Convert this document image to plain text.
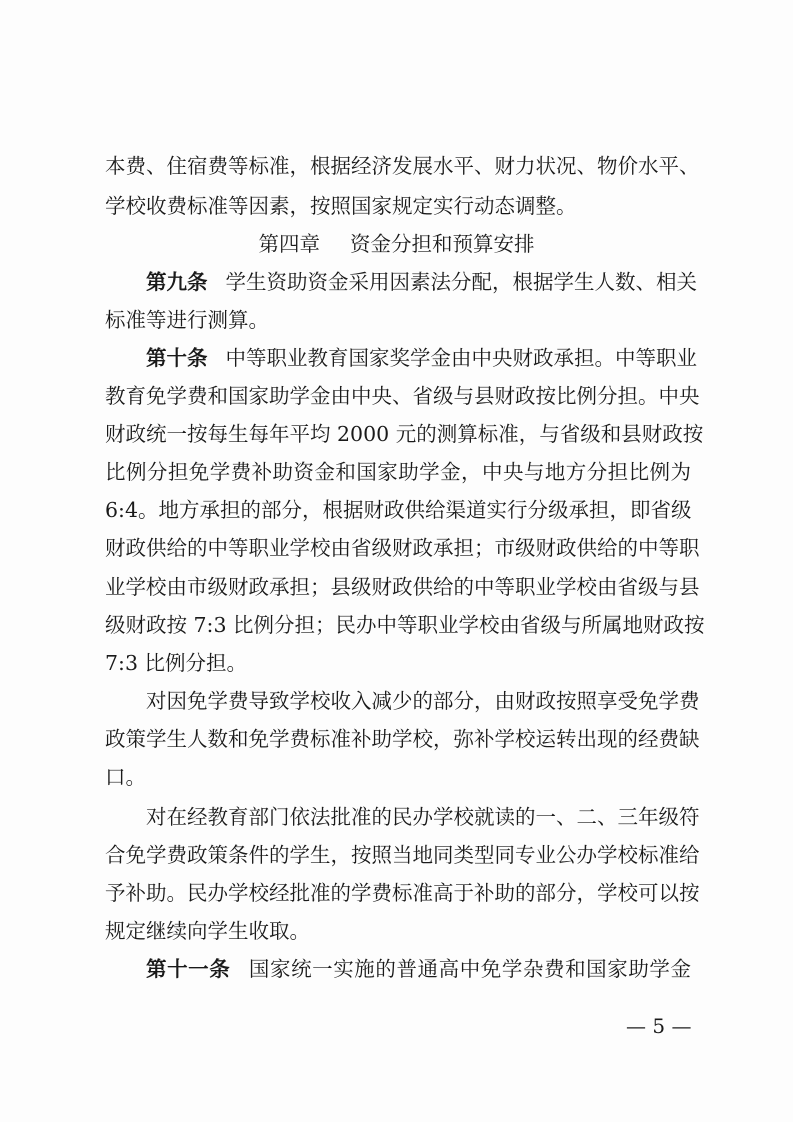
本费、住宿费等标准，根据经济发展水平、财力状况、物价水平、
学校收费标准等因素，按照国家规定实行动态调整。
第四章 资金分担和预算安排
第九条 学生资助资金采用因素法分配，根据学生人数、相关
标准等进行测算。
第十条 中等职业教育国家奖学金由中央财政承担。中等职业
教育免学费和国家助学金由中央、省级与县财政按比例分担。中央
财政统一按每生每年平均 2000 元的测算标准，与省级和县财政按
比例分担免学费补助资金和国家助学金，中央与地方分担比例为
6:4。地方承担的部分，根据财政供给渠道实行分级承担，即省级
财政供给的中等职业学校由省级财政承担；市级财政供给的中等职
业学校由市级财政承担；县级财政供给的中等职业学校由省级与县
级财政按 7:3 比例分担；民办中等职业学校由省级与所属地财政按
7:3 比例分担。
对因免学费导致学校收入减少的部分，由财政按照享受免学费
政策学生人数和免学费标准补助学校，弥补学校运转出现的经费缺
口。
对在经教育部门依法批准的民办学校就读的一、二、三年级符
合免学费政策条件的学生，按照当地同类型同专业公办学校标准给
予补助。民办学校经批准的学费标准高于补助的部分，学校可以按
规定继续向学生收取。
第十一条 国家统一实施的普通高中免学杂费和国家助学金
— 5 —
